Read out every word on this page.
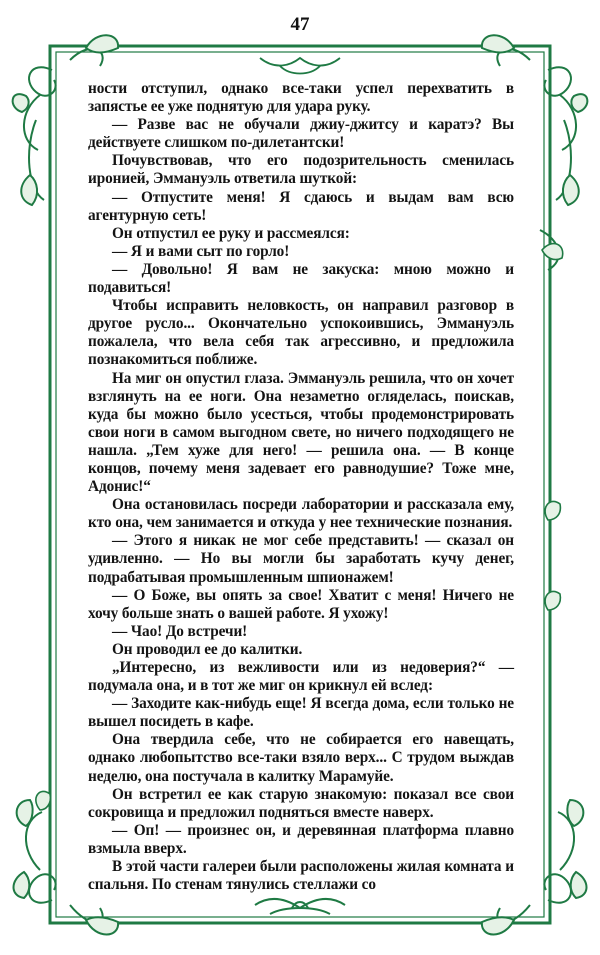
47

ности отступил, однако все-таки успел перехватить в запястье ее уже поднятую для удара руку.

— Разве вас не обучали джиу-джитсу и каратэ? Вы действуете слишком по-дилетантски!

Почувствовав, что его подозрительность сменилась иронией, Эммануэль ответила шуткой:

— Отпустите меня! Я сдаюсь и выдам вам всю агентурную сеть!

Он отпустил ее руку и рассмеялся:

— Я и вами сыт по горло!

— Довольно! Я вам не закуска: мною можно и подавиться!

Чтобы исправить неловкость, он направил разговор в другое русло... Окончательно успокоившись, Эммануэль пожалела, что вела себя так агрессивно, и предложила познакомиться поближе.

На миг он опустил глаза. Эммануэль решила, что он хочет взглянуть на ее ноги. Она незаметно огляделась, поискав, куда бы можно было усесться, чтобы продемонстрировать свои ноги в самом выгодном свете, но ничего подходящего не нашла. „Тем хуже для него! — решила она. — В конце концов, почему меня задевает его равнодушие? Тоже мне, Адонис!“

Она остановилась посреди лаборатории и рассказала ему, кто она, чем занимается и откуда у нее технические познания.

— Этого я никак не мог себе представить! — сказал он удивленно. — Но вы могли бы заработать кучу денег, подрабатывая промышленным шпионажем!

— О Боже, вы опять за свое! Хватит с меня! Ничего не хочу больше знать о вашей работе. Я ухожу!

— Чао! До встречи!

Он проводил ее до калитки.

„Интересно, из вежливости или из недоверия?“ — подумала она, и в тот же миг он крикнул ей вслед:

— Заходите как-нибудь еще! Я всегда дома, если только не вышел посидеть в кафе.

Она твердила себе, что не собирается его навещать, однако любопытство все-таки взяло верх... С трудом выждав неделю, она постучала в калитку Марамуйе.

Он встретил ее как старую знакомую: показал все свои сокровища и предложил подняться вместе наверх.

— Оп! — произнес он, и деревянная платформа плавно взмыла вверх.

В этой части галереи были расположены жилая комната и спальня. По стенам тянулись стеллажи со
